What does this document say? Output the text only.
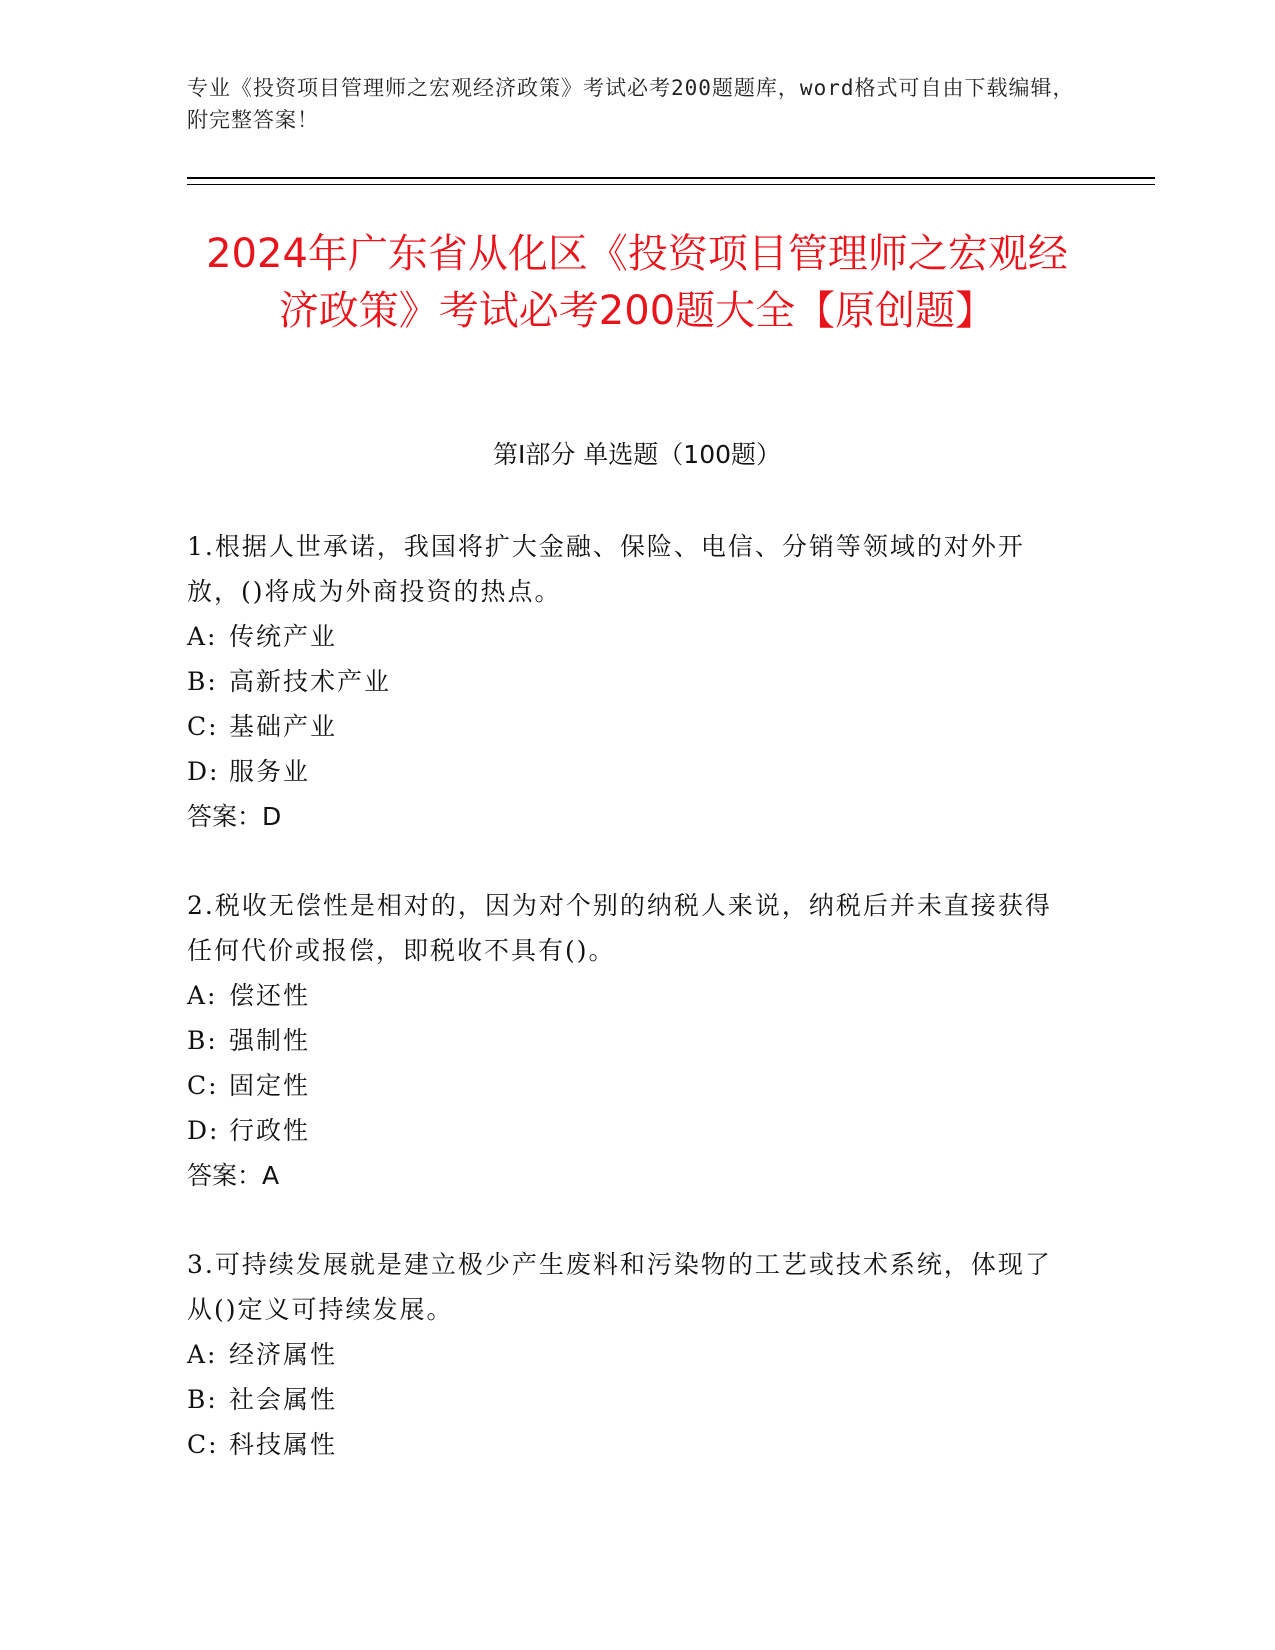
专业《投资项目管理师之宏观经济政策》考试必考200题题库，word格式可自由下载编辑，附完整答案！
2024年广东省从化区《投资项目管理师之宏观经济政策》考试必考200题大全【原创题】
第Ⅰ部分 单选题（100题）

1.根据人世承诺，我国将扩大金融、保险、电信、分销等领域的对外开放，()将成为外商投资的热点。

A: 传统产业

B: 高新技术产业

C: 基础产业

D: 服务业

答案：D

2.税收无偿性是相对的，因为对个别的纳税人来说，纳税后并未直接获得任何代价或报偿，即税收不具有()。

A: 偿还性

B: 强制性

C: 固定性

D: 行政性

答案：A

3.可持续发展就是建立极少产生废料和污染物的工艺或技术系统，体现了从()定义可持续发展。

A: 经济属性

B: 社会属性

C: 科技属性
